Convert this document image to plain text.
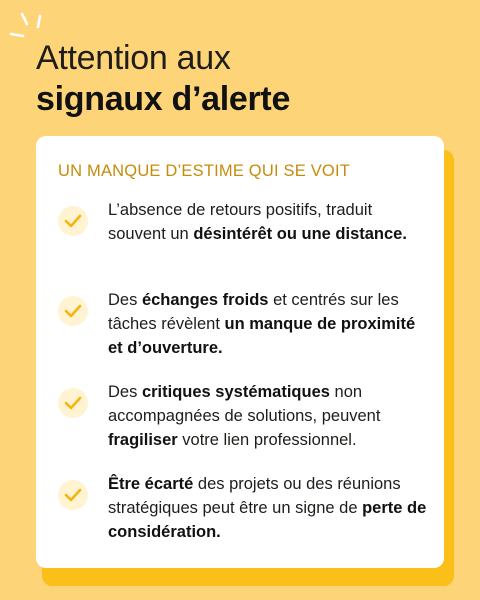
Attention aux
signaux d’alerte
UN MANQUE D’ESTIME QUI SE VOIT

L’absence de retours positifs, traduit souvent un désintérêt ou une distance.

Des échanges froids et centrés sur les tâches révèlent un manque de proximité et d’ouverture.

Des critiques systématiques non accompagnées de solutions, peuvent fragiliser votre lien professionnel.

Être écarté des projets ou des réunions stratégiques peut être un signe de perte de considération.
